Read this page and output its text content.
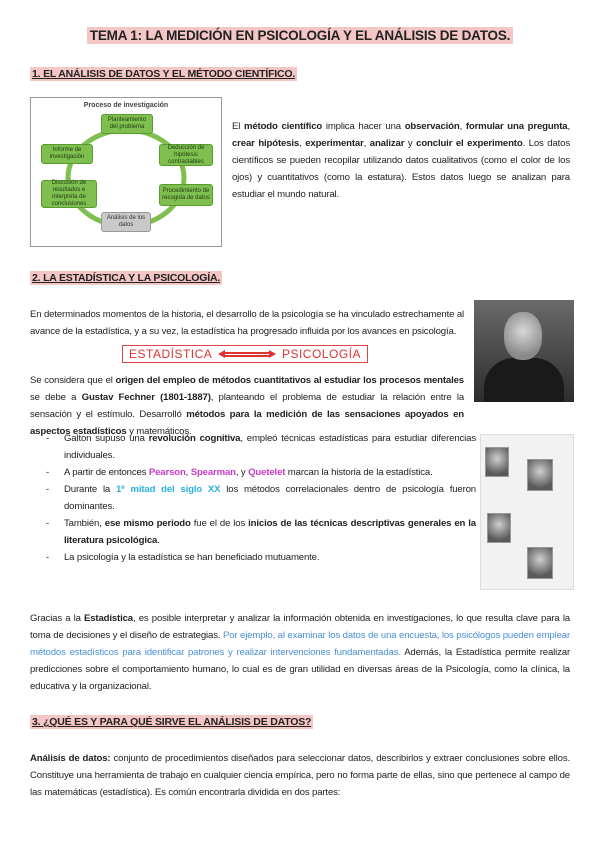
TEMA 1: LA MEDICIÓN EN PSICOLOGÍA Y EL ANÁLISIS DE DATOS.
1. EL ANÁLISIS DE DATOS Y EL MÉTODO CIENTÍFICO.
Proceso de investigación
Planteamiento del problema
Deducción de hipótesis contrastables
Procedimiento de recogida de datos
Análisis de los datos
Discusión de resultados e interpreta de conclusiones
Informe de investigación

El método científico implica hacer una observación, formular una pregunta, crear hipótesis, experimentar, analizar y concluir el experimento. Los datos científicos se pueden recopilar utilizando datos cualitativos (como el color de los ojos) y cuantitativos (como la estatura). Estos datos luego se analizan para estudiar el mundo natural.

2. LA ESTADÍSTICA Y LA PSICOLOGÍA.

En determinados momentos de la historia, el desarrollo de la psicología se ha vinculado estrechamente al avance de la estadística, y a su vez, la estadística ha progresado influida por los avances en psicología.

ESTADÍSTICA	PSICOLOGÍA

Se considera que el origen del empleo de métodos cuantitativos al estudiar los procesos mentales se debe a Gustav Fechner (1801-1887), planteando el problema de estudiar la relación entre la sensación y el estímulo. Desarrolló métodos para la medición de las sensaciones apoyados en aspectos estadísticos y matemáticos.

- Galton supuso una revolución cognitiva, empleó técnicas estadísticas para estudiar diferencias individuales.
- A partir de entonces Pearson, Spearman, y Quetelet marcan la historia de la estadística.
- Durante la 1ª mitad del siglo XX los métodos correlacionales dentro de psicología fueron dominantes.
- También, ese mismo periodo fue el de los inicios de las técnicas descriptivas generales en la literatura psicológica.
- La psicología y la estadística se han beneficiado mutuamente.

Gracias a la Estadística, es posible interpretar y analizar la información obtenida en investigaciones, lo que resulta clave para la toma de decisiones y el diseño de estrategias. Por ejemplo, al examinar los datos de una encuesta, los psicólogos pueden emplear métodos estadísticos para identificar patrones y realizar intervenciones fundamentadas. Además, la Estadística permite realizar predicciones sobre el comportamiento humano, lo cual es de gran utilidad en diversas áreas de la Psicología, como la clínica, la educativa y la organizacional.

3. ¿QUÉ ES Y PARA QUÉ SIRVE EL ANÁLISIS DE DATOS?

Análisis de datos: conjunto de procedimientos diseñados para seleccionar datos, describirlos y extraer conclusiones sobre ellos. Constituye una herramienta de trabajo en cualquier ciencia empírica, pero no forma parte de ellas, sino que pertenece al campo de las matemáticas (estadística). Es común encontrarla dividida en dos partes:
